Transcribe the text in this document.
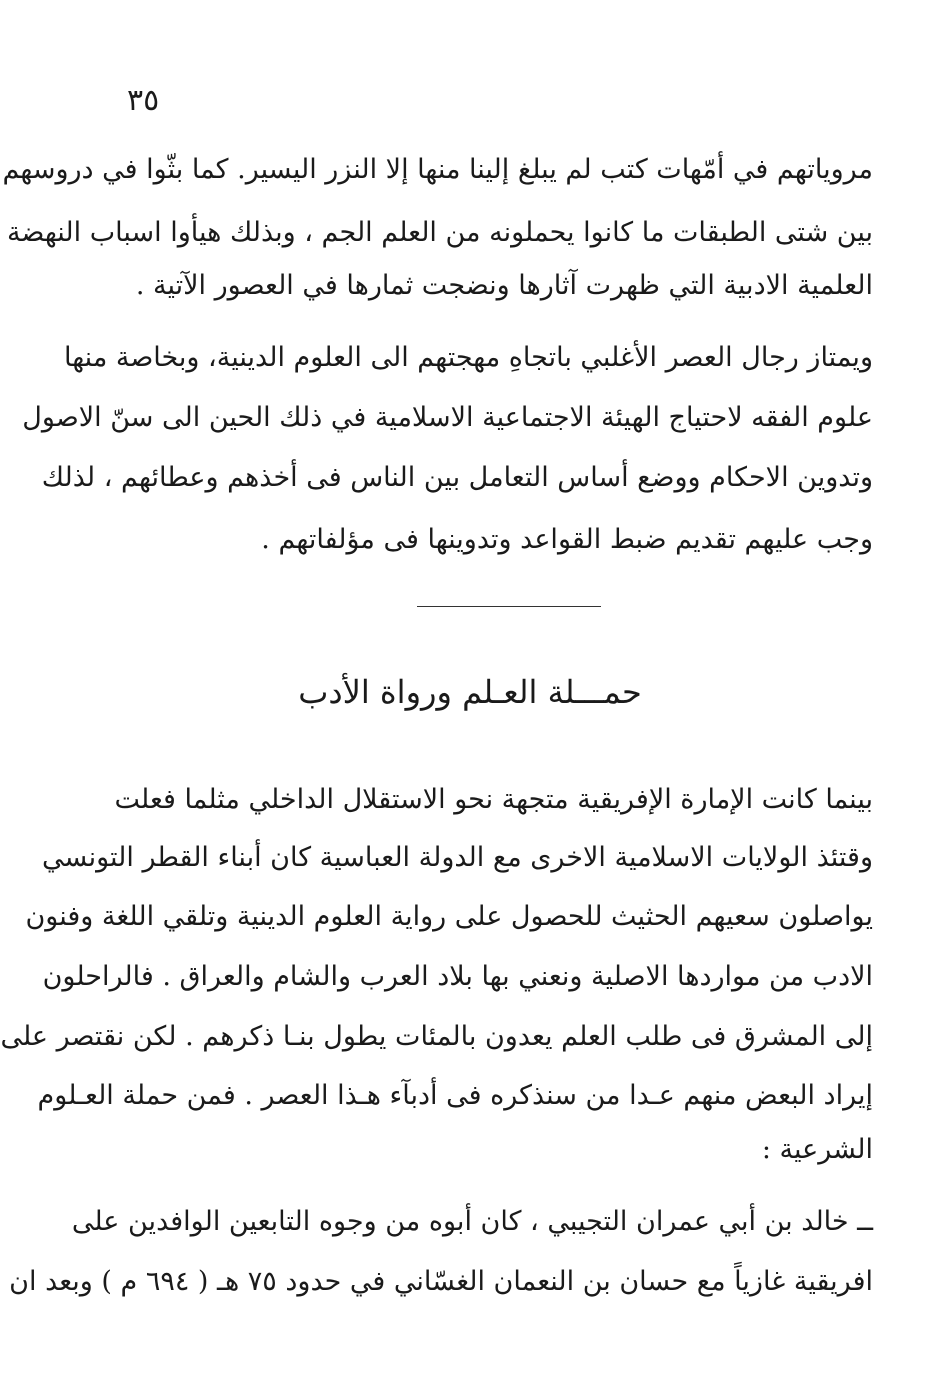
٣٥
مروياتهم في أمّهات كتب لم يبلغ إلينا منها إلا النزر اليسير. كما بثّوا في دروسهم
بين شتى الطبقات ما كانوا يحملونه من العلم الجم ، وبذلك هيأوا اسباب النهضة
العلمية الادبية التي ظهرت آثارها ونضجت ثمارها في العصور الآتية .
ويمتاز رجال العصر الأغلبي باتجاهِ مهجتهم الى العلوم الدينية، وبخاصة منها
علوم الفقه لاحتياج الهيئة الاجتماعية الاسلامية في ذلك الحين الى سنّ الاصول
وتدوين الاحكام ووضع أساس التعامل بين الناس فى أخذهم وعطائهم ، لذلك
وجب عليهم تقديم ضبط القواعد وتدوينها فى مؤلفاتهم .
حمـــلة العـلم ورواة الأدب
بينما كانت الإمارة الإفريقية متجهة نحو الاستقلال الداخلي مثلما فعلت
وقتئذ الولايات الاسلامية الاخرى مع الدولة العباسية كان أبناء القطر التونسي
يواصلون سعيهم الحثيث للحصول على رواية العلوم الدينية وتلقي اللغة وفنون
الادب من مواردها الاصلية ونعني بها بلاد العرب والشام والعراق . فالراحلون
إلى المشرق فى طلب العلم يعدون بالمئات يطول بنـا ذكرهم . لكن نقتصر على
إيراد البعض منهم عـدا من سنذكره فى أدبآء هـذا العصر . فمن حملة العـلوم
الشرعية :
ــ خالد بن أبي عمران التجيبي ، كان أبوه من وجوه التابعين الوافدين على
افريقية غازياً مع حسان بن النعمان الغسّاني في حدود ٧٥ هـ ( ٦٩٤ م ) وبعد ان
